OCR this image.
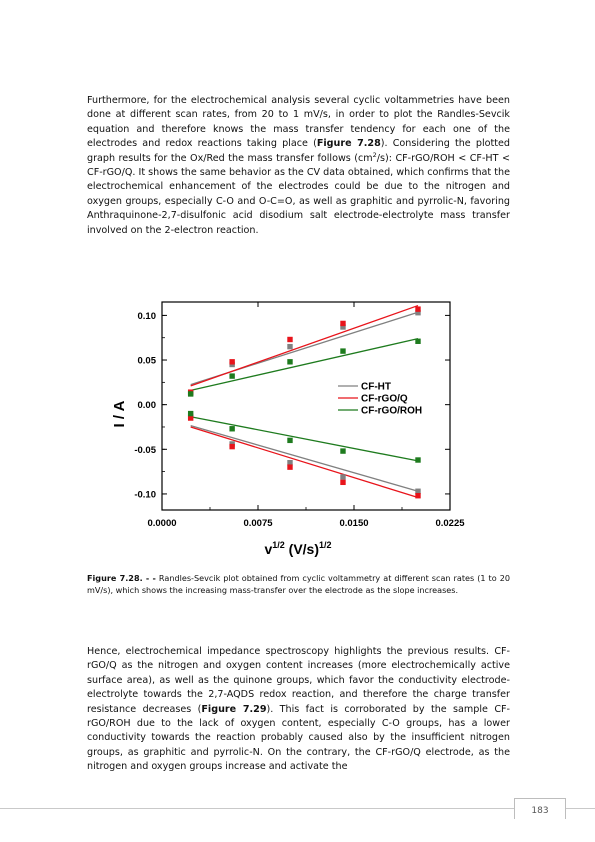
Furthermore, for the electrochemical analysis several cyclic voltammetries have been done at different scan rates, from 20 to 1 mV/s, in order to plot the Randles-Sevcik equation and therefore knows the mass transfer tendency for each one of the electrodes and redox reactions taking place (Figure 7.28). Considering the plotted graph results for the Ox/Red the mass transfer follows $(cm^2/s)$: CF-rGO/ROH < CF-HT < CF-rGO/Q. It shows the same behavior as the CV data obtained, which confirms that the electrochemical enhancement of the electrodes could be due to the nitrogen and oxygen groups, especially C-O and O-C=O, as well as graphitic and pyrrolic-N, favoring Anthraquinone-2,7-disulfonic acid disodium salt electrode-electrolyte mass transfer involved on the 2-electron reaction.

0.10
0.05
0.00
-0.05
-0.10
0.0000	0.0075	0.0150	0.0225
I / A
$v^{1/2}$ $(V/s)^{1/2}$
CF-HT
CF-rGO/Q
CF-rGO/ROH

Figure 7.28. - - Randles-Sevcik plot obtained from cyclic voltammetry at different scan rates (1 to 20 mV/s), which shows the increasing mass-transfer over the electrode as the slope increases.

Hence, electrochemical impedance spectroscopy highlights the previous results. CF-rGO/Q as the nitrogen and oxygen content increases (more electrochemically active surface area), as well as the quinone groups, which favor the conductivity electrode-electrolyte towards the 2,7-AQDS redox reaction, and therefore the charge transfer resistance decreases (Figure 7.29). This fact is corroborated by the sample CF-rGO/ROH due to the lack of oxygen content, especially C-O groups, has a lower conductivity towards the reaction probably caused also by the insufficient nitrogen groups, as graphitic and pyrrolic-N. On the contrary, the CF-rGO/Q electrode, as the nitrogen and oxygen groups increase and activate the

183
